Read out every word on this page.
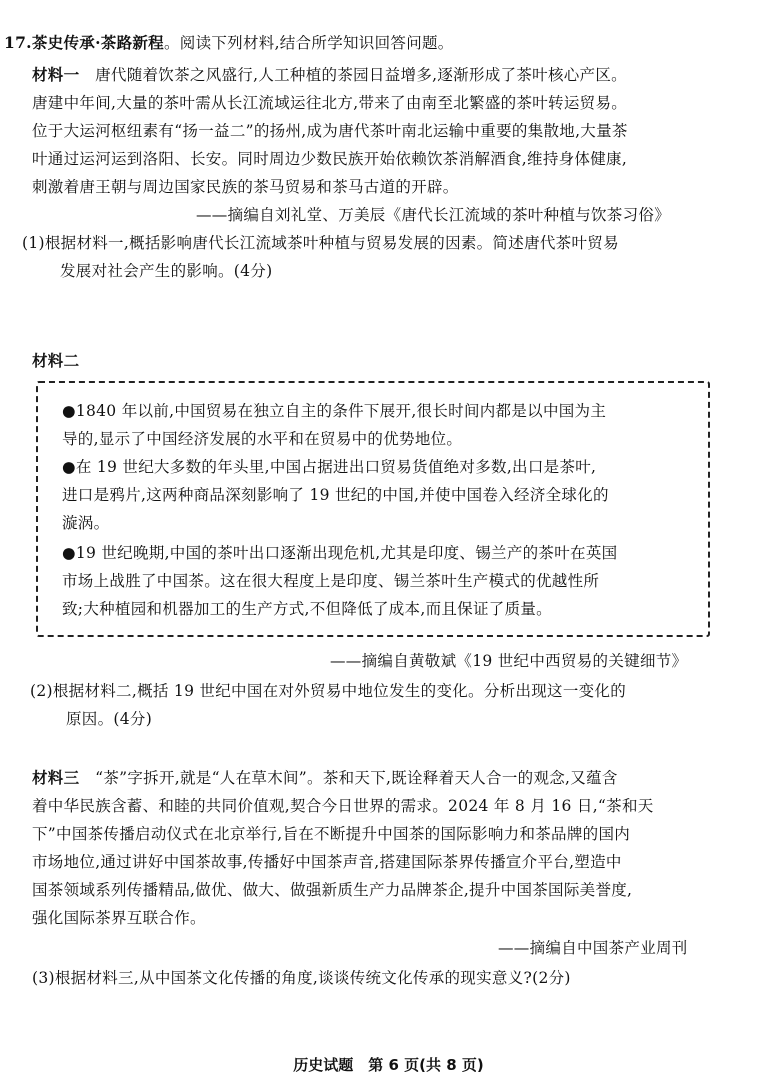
17.茶史传承·茶路新程。阅读下列材料,结合所学知识回答问题。
材料一 唐代随着饮茶之风盛行,人工种植的茶园日益增多,逐渐形成了茶叶核心产区。
唐建中年间,大量的茶叶需从长江流域运往北方,带来了由南至北繁盛的茶叶转运贸易。
位于大运河枢纽素有“扬一益二”的扬州,成为唐代茶叶南北运输中重要的集散地,大量茶
叶通过运河运到洛阳、长安。同时周边少数民族开始依赖饮茶消解酒食,维持身体健康,
刺激着唐王朝与周边国家民族的茶马贸易和茶马古道的开辟。
——摘编自刘礼堂、万美辰《唐代长江流域的茶叶种植与饮茶习俗》
(1)根据材料一,概括影响唐代长江流域茶叶种植与贸易发展的因素。简述唐代茶叶贸易
发展对社会产生的影响。(4分)
材料二
●1840 年以前,中国贸易在独立自主的条件下展开,很长时间内都是以中国为主
导的,显示了中国经济发展的水平和在贸易中的优势地位。
●在 19 世纪大多数的年头里,中国占据进出口贸易货值绝对多数,出口是茶叶,
进口是鸦片,这两种商品深刻影响了 19 世纪的中国,并使中国卷入经济全球化的
漩涡。
●19 世纪晚期,中国的茶叶出口逐渐出现危机,尤其是印度、锡兰产的茶叶在英国
市场上战胜了中国茶。这在很大程度上是印度、锡兰茶叶生产模式的优越性所
致;大种植园和机器加工的生产方式,不但降低了成本,而且保证了质量。
——摘编自黄敬斌《19 世纪中西贸易的关键细节》
(2)根据材料二,概括 19 世纪中国在对外贸易中地位发生的变化。分析出现这一变化的
原因。(4分)
材料三 “茶”字拆开,就是“人在草木间”。茶和天下,既诠释着天人合一的观念,又蕴含
着中华民族含蓄、和睦的共同价值观,契合今日世界的需求。2024 年 8 月 16 日,“茶和天
下”中国茶传播启动仪式在北京举行,旨在不断提升中国茶的国际影响力和茶品牌的国内
市场地位,通过讲好中国茶故事,传播好中国茶声音,搭建国际茶界传播宣介平台,塑造中
国茶领域系列传播精品,做优、做大、做强新质生产力品牌茶企,提升中国茶国际美誉度,
强化国际茶界互联合作。
——摘编自中国茶产业周刊
(3)根据材料三,从中国茶文化传播的角度,谈谈传统文化传承的现实意义?(2分)
历史试题　第 6 页(共 8 页)
